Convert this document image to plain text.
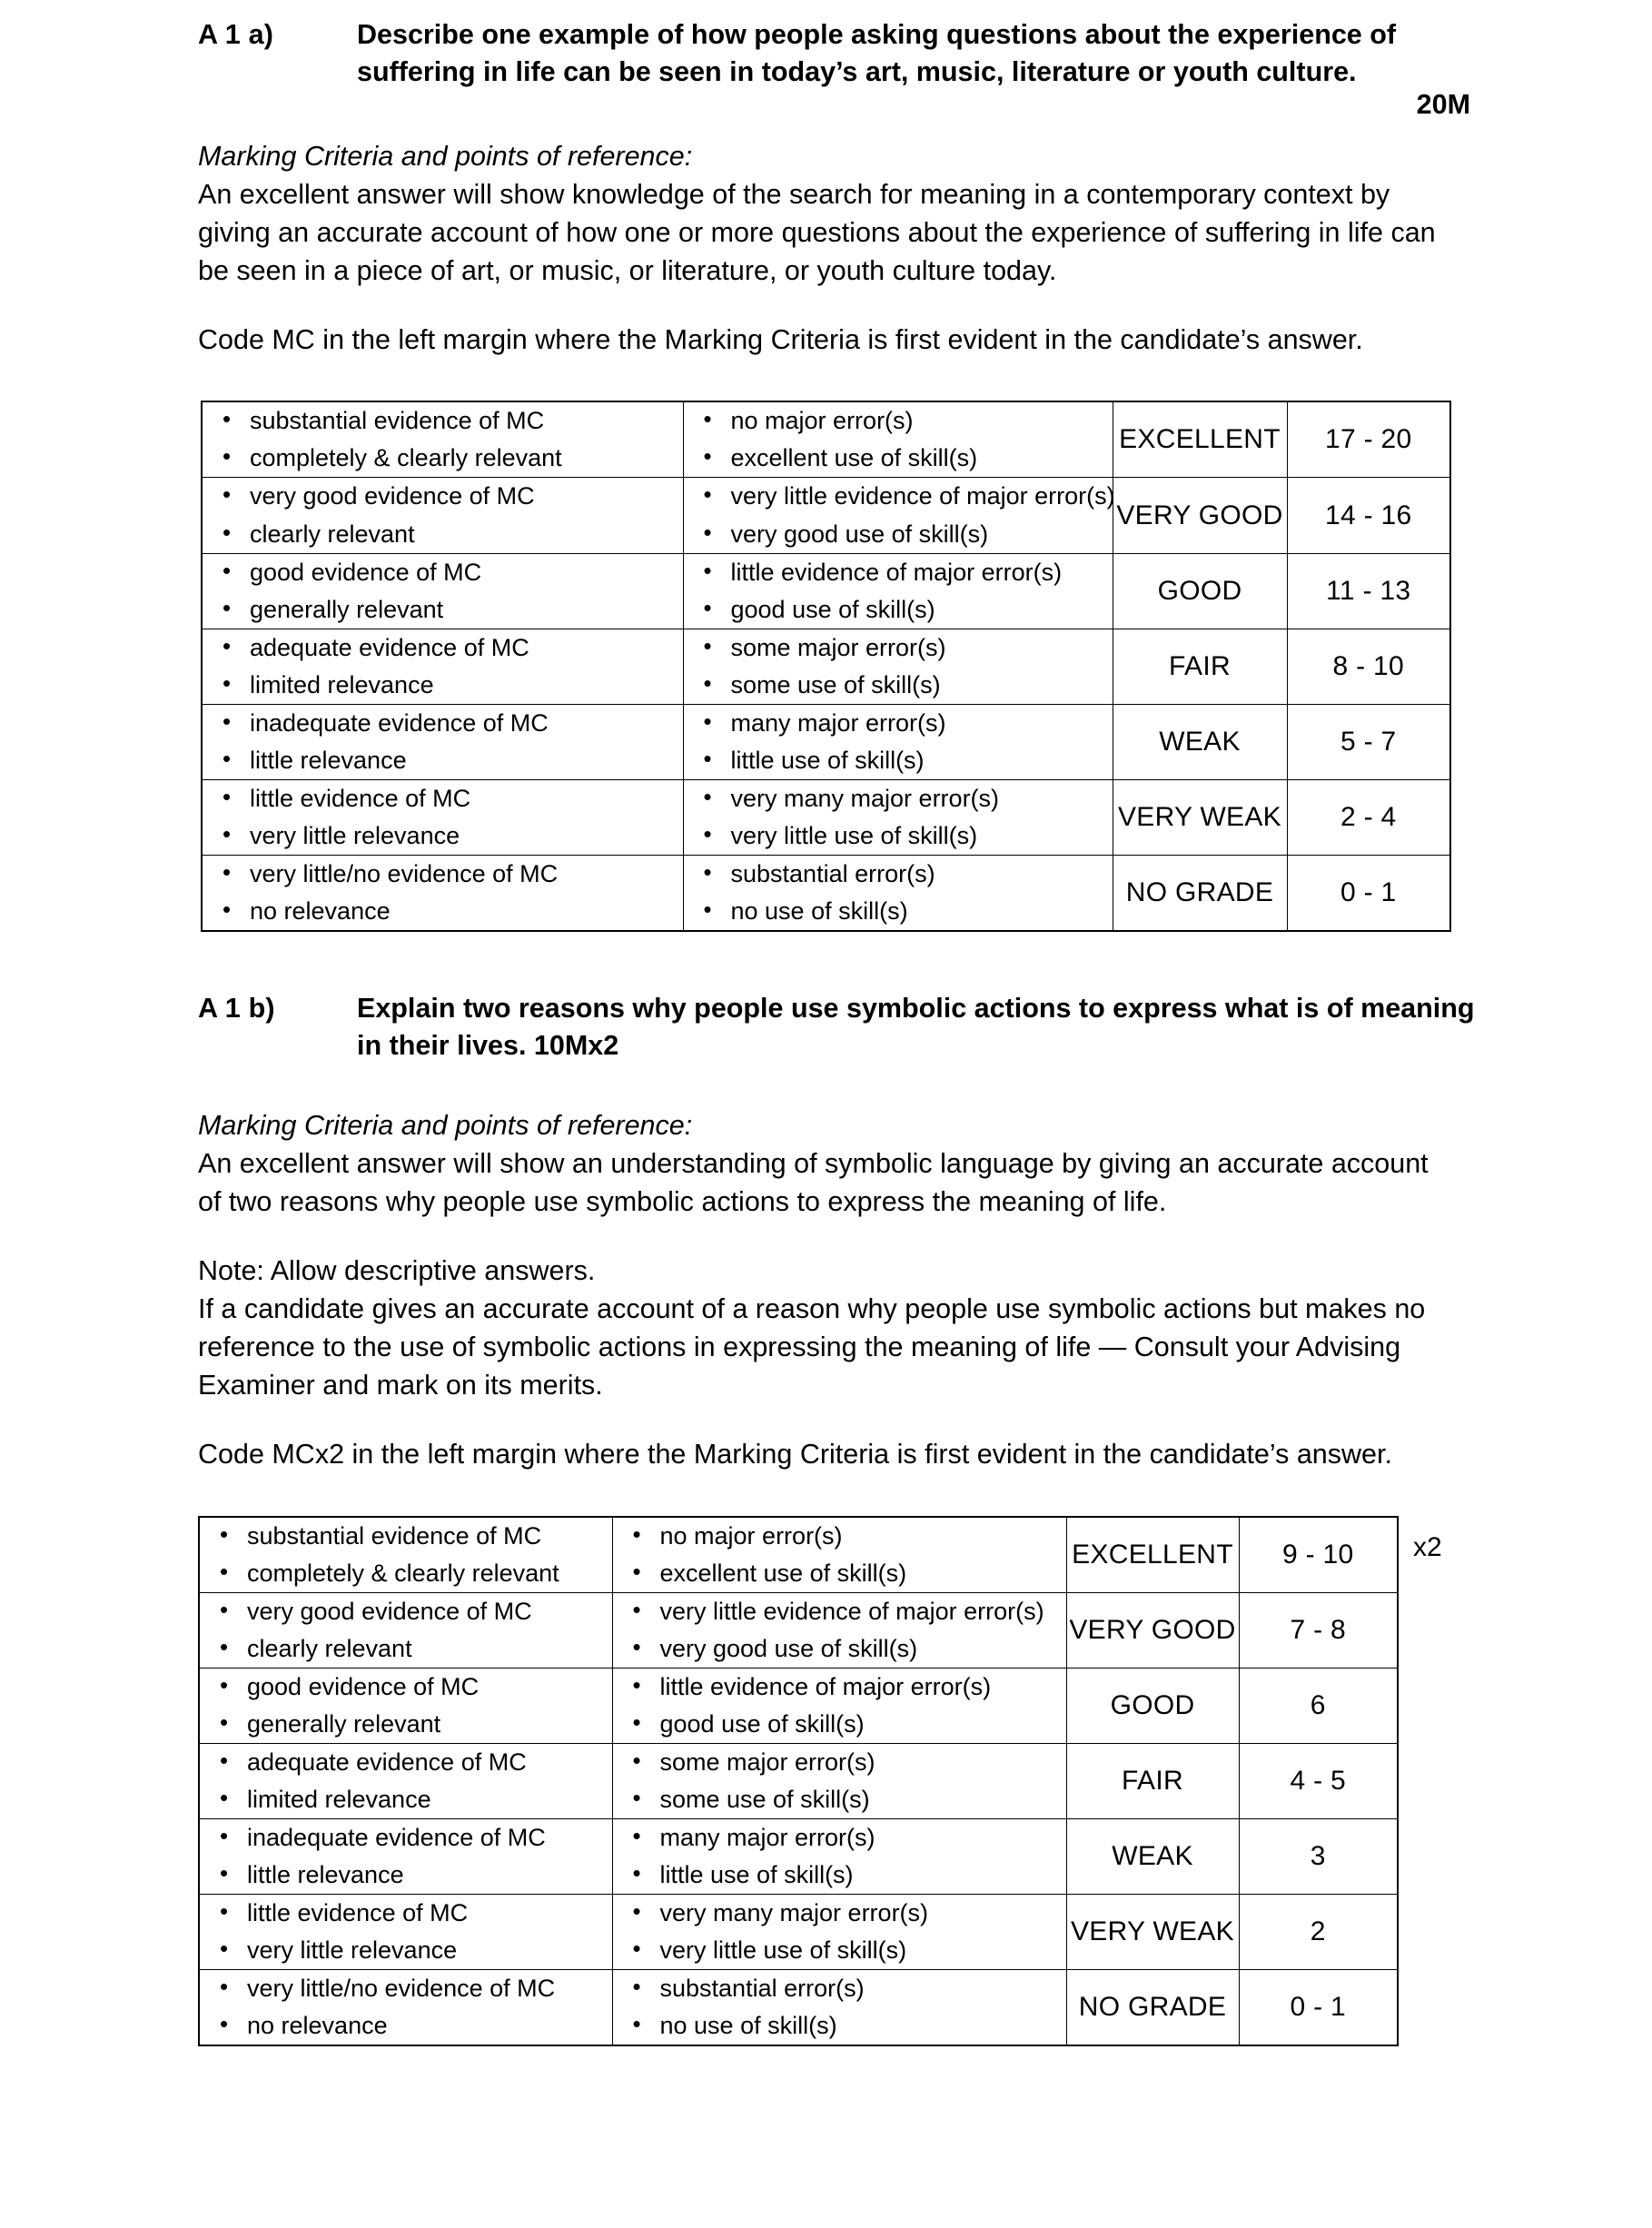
A 1 a)	Describe one example of how people asking questions about the experience of suffering in life can be seen in today’s art, music, literature or youth culture.
20M

Marking Criteria and points of reference:

An excellent answer will show knowledge of the search for meaning in a contemporary context by giving an accurate account of how one or more questions about the experience of suffering in life can be seen in a piece of art, or music, or literature, or youth culture today.

Code MC in the left margin where the Marking Criteria is first evident in the candidate’s answer.

• substantial evidence of MC
• completely & clearly relevant

• no major error(s)
• excellent use of skill(s)
	EXCELLENT	17 - 20

• very good evidence of MC
• clearly relevant

• very little evidence of major error(s)
• very good use of skill(s)
	VERY GOOD	14 - 16

• good evidence of MC
• generally relevant

• little evidence of major error(s)
• good use of skill(s)
	GOOD	11 - 13

• adequate evidence of MC
• limited relevance

• some major error(s)
• some use of skill(s)
	FAIR	8 - 10

• inadequate evidence of MC
• little relevance

• many major error(s)
• little use of skill(s)
	WEAK	5 - 7

• little evidence of MC
• very little relevance

• very many major error(s)
• very little use of skill(s)
	VERY WEAK	2 - 4

• very little/no evidence of MC
• no relevance

• substantial error(s)
• no use of skill(s)
	NO GRADE	0 - 1
A 1 b)	Explain two reasons why people use symbolic actions to express what is of meaning in their lives. 10Mx2

Marking Criteria and points of reference:

An excellent answer will show an understanding of symbolic language by giving an accurate account of two reasons why people use symbolic actions to express the meaning of life.

Note: Allow descriptive answers.

If a candidate gives an accurate account of a reason why people use symbolic actions but makes no reference to the use of symbolic actions in expressing the meaning of life — Consult your Advising Examiner and mark on its merits.

Code MCx2 in the left margin where the Marking Criteria is first evident in the candidate’s answer.

• substantial evidence of MC
• completely & clearly relevant

• no major error(s)
• excellent use of skill(s)
	EXCELLENT	9 - 10

• very good evidence of MC
• clearly relevant

• very little evidence of major error(s)
• very good use of skill(s)
	VERY GOOD	7 - 8

• good evidence of MC
• generally relevant

• little evidence of major error(s)
• good use of skill(s)
	GOOD	6

• adequate evidence of MC
• limited relevance

• some major error(s)
• some use of skill(s)
	FAIR	4 - 5

• inadequate evidence of MC
• little relevance

• many major error(s)
• little use of skill(s)
	WEAK	3

• little evidence of MC
• very little relevance

• very many major error(s)
• very little use of skill(s)
	VERY WEAK	2

• very little/no evidence of MC
• no relevance

• substantial error(s)
• no use of skill(s)
	NO GRADE	0 - 1
x2
